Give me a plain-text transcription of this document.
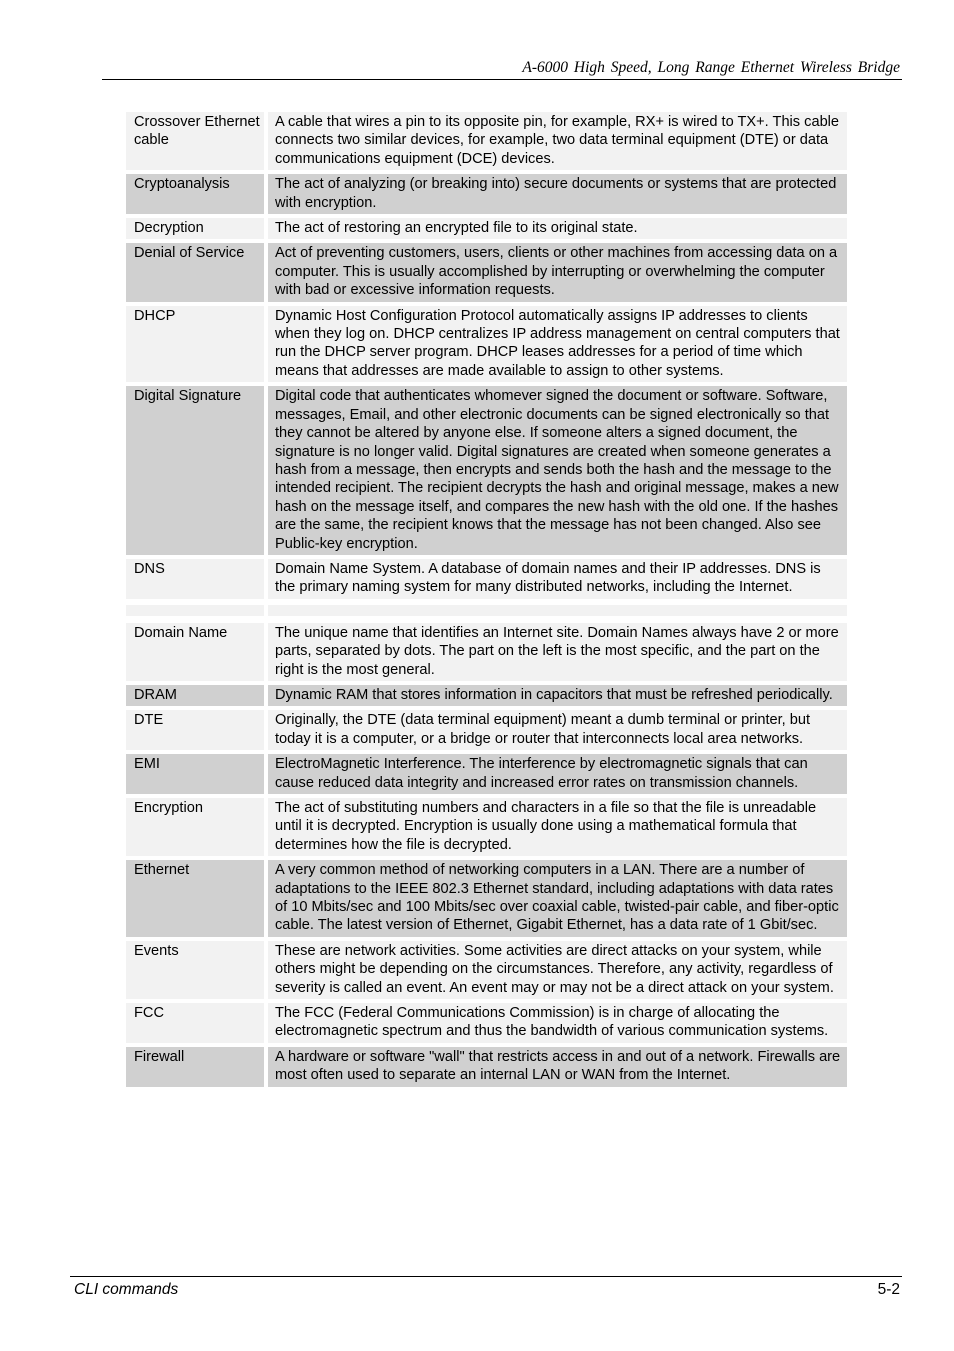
A-6000 High Speed, Long Range Ethernet Wireless Bridge
Crossover Ethernet cable	A cable that wires a pin to its opposite pin, for example, RX+ is wired to TX+. This cable connects two similar devices, for example, two data terminal equipment (DTE) or data communications equipment (DCE) devices.
Cryptoanalysis	The act of analyzing (or breaking into) secure documents or systems that are protected with encryption.
Decryption	The act of restoring an encrypted file to its original state.
Denial of Service	Act of preventing customers, users, clients or other machines from accessing data on a computer. This is usually accomplished by interrupting or overwhelming the computer with bad or excessive information requests.
DHCP	Dynamic Host Configuration Protocol automatically assigns IP addresses to clients when they log on. DHCP centralizes IP address management on central computers that run the DHCP server program. DHCP leases addresses for a period of time which means that addresses are made available to assign to other systems.
Digital Signature	Digital code that authenticates whomever signed the document or software. Software, messages, Email, and other electronic documents can be signed electronically so that they cannot be altered by anyone else. If someone alters a signed document, the signature is no longer valid. Digital signatures are created when someone generates a hash from a message, then encrypts and sends both the hash and the message to the intended recipient. The recipient decrypts the hash and original message, makes a new hash on the message itself, and compares the new hash with the old one. If the hashes are the same, the recipient knows that the message has not been changed. Also see Public-key encryption.
DNS	Domain Name System. A database of domain names and their IP addresses. DNS is the primary naming system for many distributed networks, including the Internet.

Domain Name	The unique name that identifies an Internet site. Domain Names always have 2 or more parts, separated by dots. The part on the left is the most specific, and the part on the right is the most general.
DRAM	Dynamic RAM that stores information in capacitors that must be refreshed periodically.
DTE	Originally, the DTE (data terminal equipment) meant a dumb terminal or printer, but today it is a computer, or a bridge or router that interconnects local area networks.
EMI	ElectroMagnetic Interference. The interference by electromagnetic signals that can cause reduced data integrity and increased error rates on transmission channels.
Encryption	The act of substituting numbers and characters in a file so that the file is unreadable until it is decrypted. Encryption is usually done using a mathematical formula that determines how the file is decrypted.
Ethernet	A very common method of networking computers in a LAN. There are a number of adaptations to the IEEE 802.3 Ethernet standard, including adaptations with data rates of 10 Mbits/sec and 100 Mbits/sec over coaxial cable, twisted-pair cable, and fiber-optic cable. The latest version of Ethernet, Gigabit Ethernet, has a data rate of 1 Gbit/sec.
Events	These are network activities. Some activities are direct attacks on your system, while others might be depending on the circumstances. Therefore, any activity, regardless of severity is called an event. An event may or may not be a direct attack on your system.
FCC	The FCC (Federal Communications Commission) is in charge of allocating the electromagnetic spectrum and thus the bandwidth of various communication systems.
Firewall	A hardware or software "wall" that restricts access in and out of a network. Firewalls are most often used to separate an internal LAN or WAN from the Internet.
CLI commands	5-2
